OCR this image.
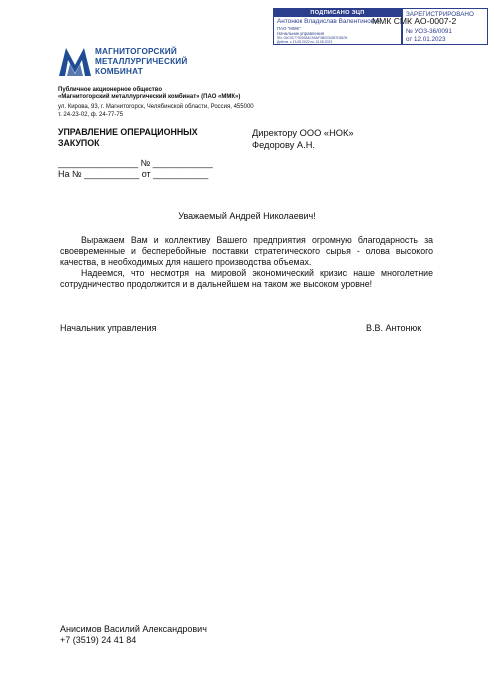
ПОДПИСАНО ЭЦП
Антонюк Владислав Валентинович
ПАО "ММК"
Начальник управления
SN: 03C0C770009A67A9AF3B0234287D8109
Действ. с 13.05.2022 по 13.05.2023
ММК СМК АО-0007-2
ЗАРЕГИСТРИРОВАНО
№ УОЗ-36/0091
от 12.01.2023
МАГНИТОГОРСКИЙ
МЕТАЛЛУРГИЧЕСКИЙ
КОМБИНАТ
Публичное акционерное общество
«Магнитогорский металлургический комбинат» (ПАО «ММК»)
ул. Кирова, 93, г. Магнитогорск, Челябинской области, Россия, 455000
т. 24-23-02, ф. 24-77-75
УПРАВЛЕНИЕ ОПЕРАЦИОННЫХ
ЗАКУПОК
Директору ООО «НОК»
Федорову А.Н.
________________ № ____________
На № ___________ от ___________
Уважаемый Андрей Николаевич!
Выражаем Вам и коллективу Вашего предприятия огромную благодарность за своевременные и бесперебойные поставки стратегического сырья - олова высокого качества, в необходимых для нашего производства объемах.
Надеемся, что несмотря на мировой экономический кризис наше многолетние сотрудничество продолжится и в дальнейшем на таком же высоком уровне!
Начальник управления	В.В. Антонюк
Анисимов Василий Александрович
+7 (3519) 24 41 84
